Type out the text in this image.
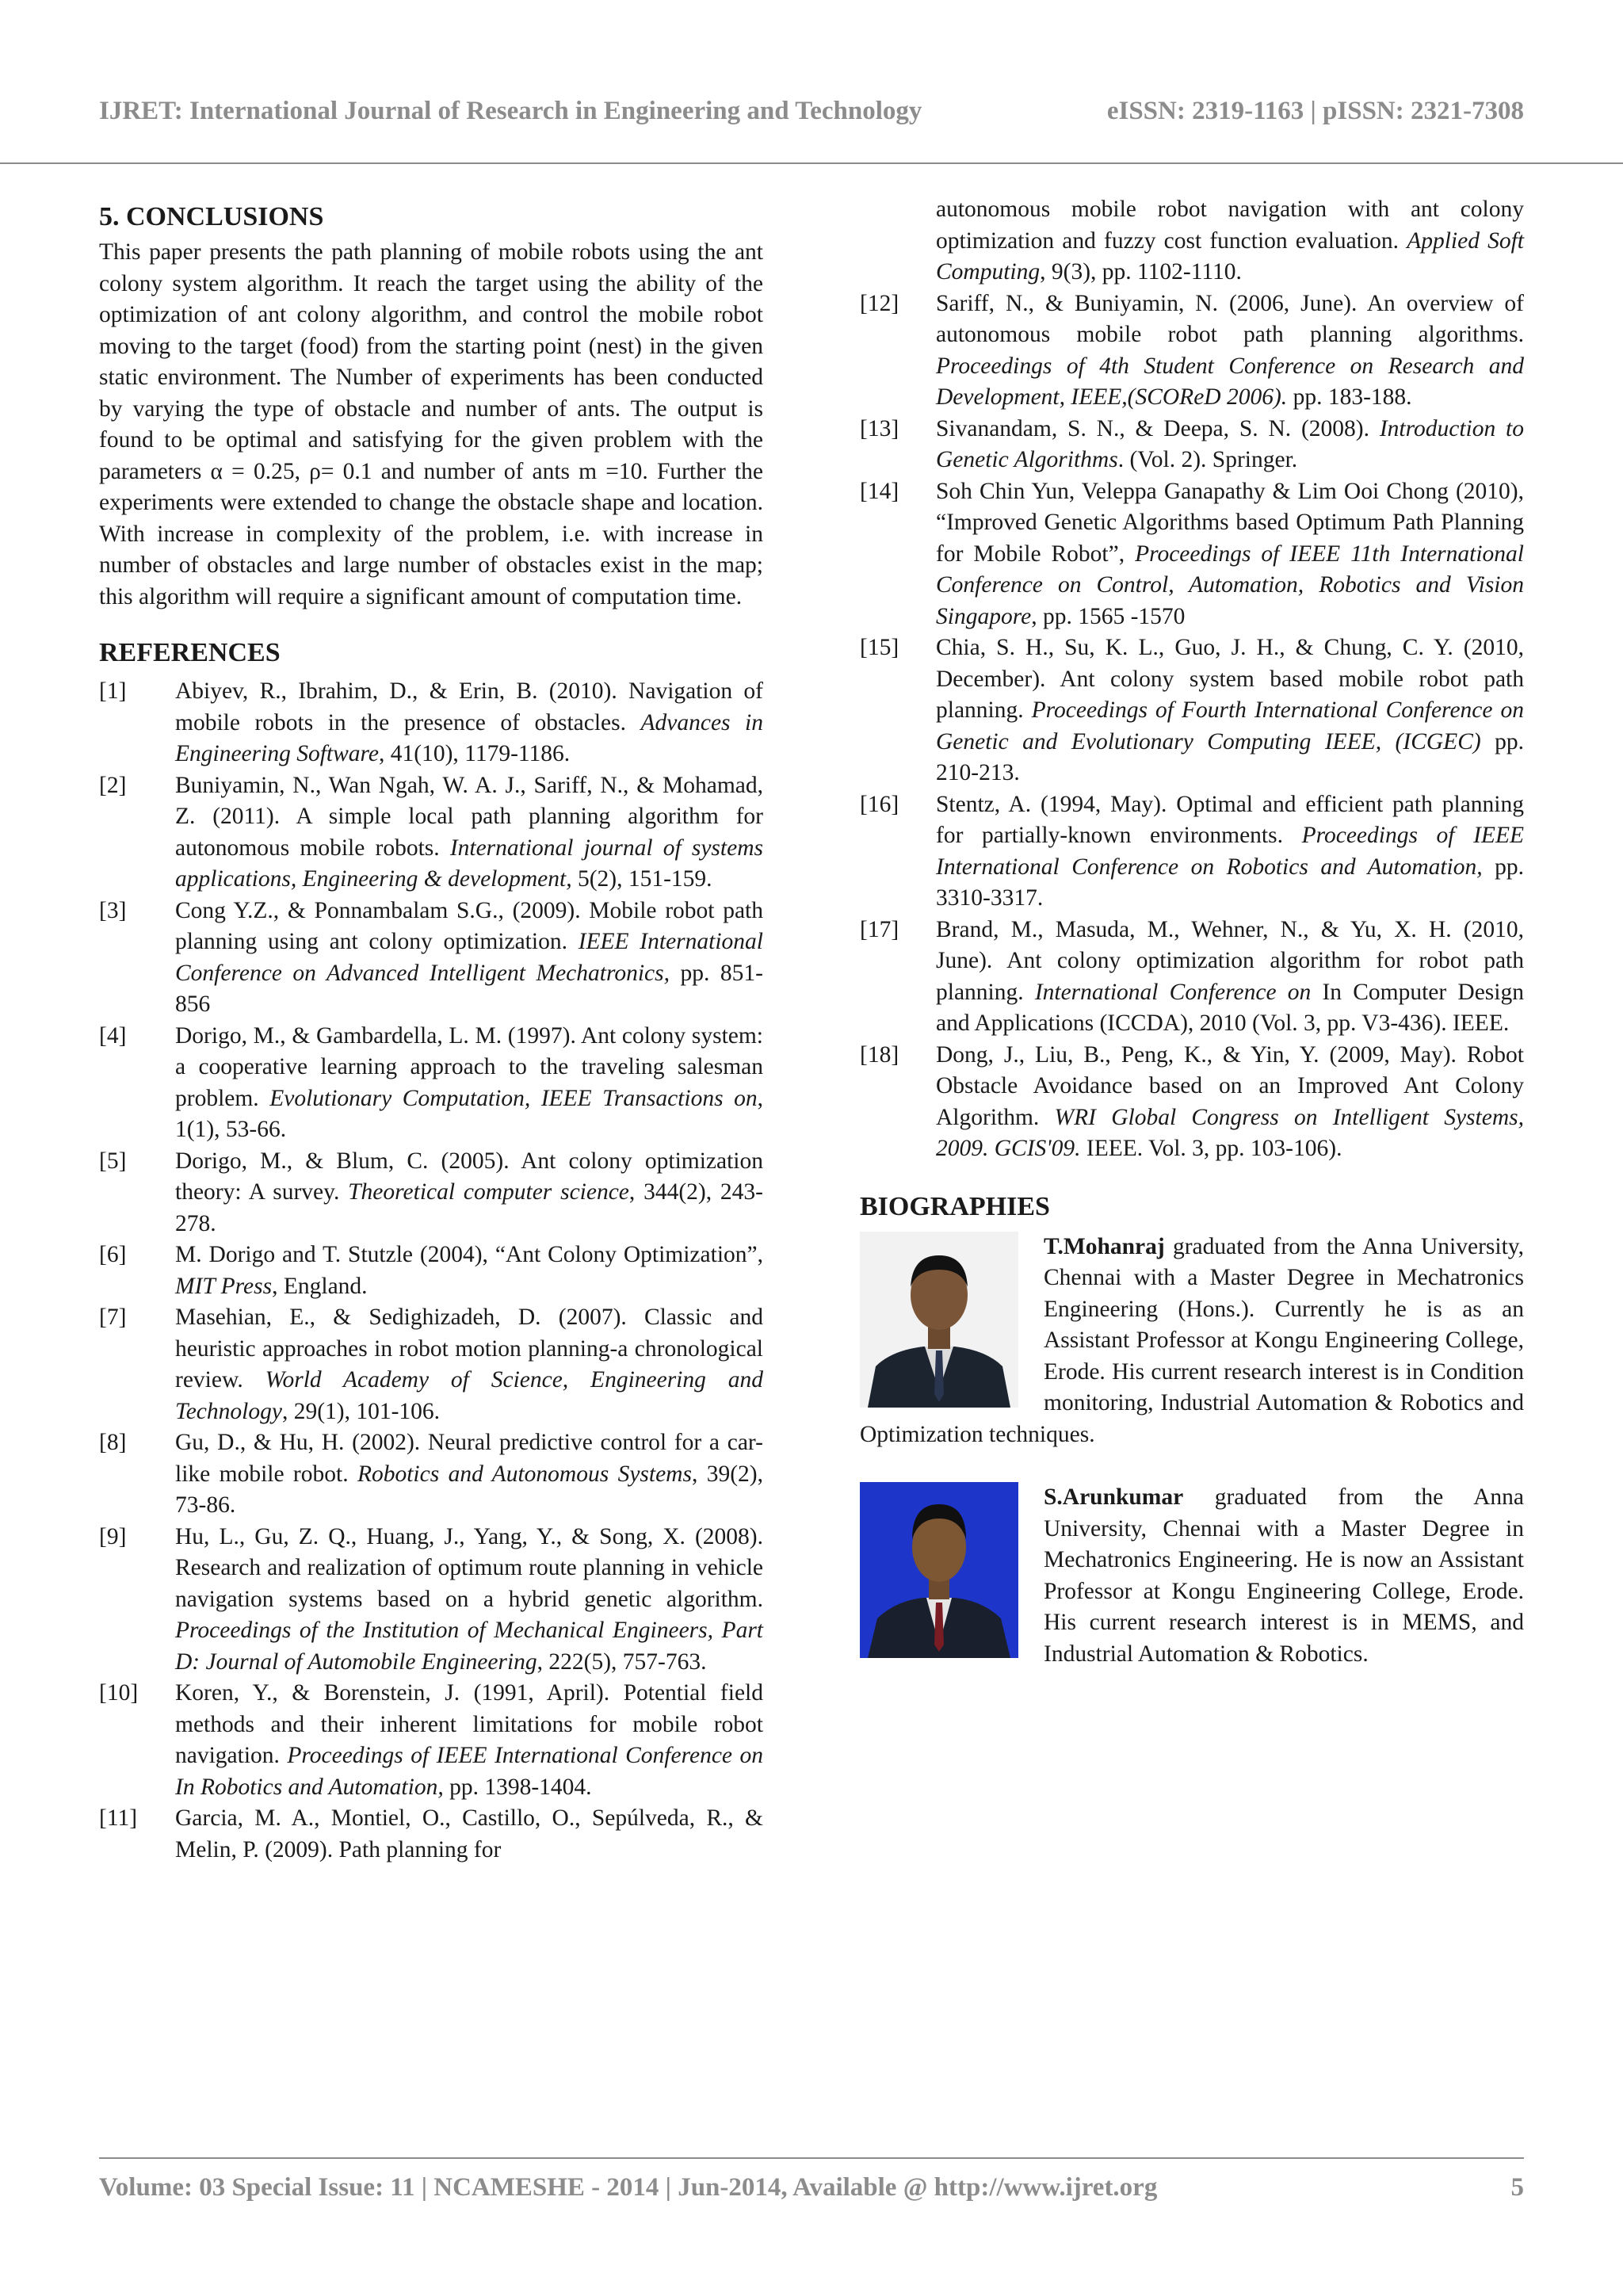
IJRET: International Journal of Research in Engineering and Technology	eISSN: 2319-1163 | pISSN: 2321-7308
5. CONCLUSIONS

This paper presents the path planning of mobile robots using the ant colony system algorithm. It reach the target using the ability of the optimization of ant colony algorithm, and control the mobile robot moving to the target (food) from the starting point (nest) in the given static environment. The Number of experiments has been conducted by varying the type of obstacle and number of ants. The output is found to be optimal and satisfying for the given problem with the parameters α = 0.25, ρ= 0.1 and number of ants m =10. Further the experiments were extended to change the obstacle shape and location. With increase in complexity of the problem, i.e. with increase in number of obstacles and large number of obstacles exist in the map; this algorithm will require a significant amount of computation time.

REFERENCES
[1]	Abiyev, R., Ibrahim, D., & Erin, B. (2010). Navigation of mobile robots in the presence of obstacles. Advances in Engineering Software, 41(10), 1179-1186.
[2]	Buniyamin, N., Wan Ngah, W. A. J., Sariff, N., & Mohamad, Z. (2011). A simple local path planning algorithm for autonomous mobile robots. International journal of systems applications, Engineering & development, 5(2), 151-159.
[3]	Cong Y.Z., & Ponnambalam S.G., (2009). Mobile robot path planning using ant colony optimization. IEEE International Conference on Advanced Intelligent Mechatronics, pp. 851-856
[4]	Dorigo, M., & Gambardella, L. M. (1997). Ant colony system: a cooperative learning approach to the traveling salesman problem. Evolutionary Computation, IEEE Transactions on, 1(1), 53-66.
[5]	Dorigo, M., & Blum, C. (2005). Ant colony optimization theory: A survey. Theoretical computer science, 344(2), 243-278.
[6]	M. Dorigo and T. Stutzle (2004), “Ant Colony Optimization”, MIT Press, England.
[7]	Masehian, E., & Sedighizadeh, D. (2007). Classic and heuristic approaches in robot motion planning-a chronological review. World Academy of Science, Engineering and Technology, 29(1), 101-106.
[8]	Gu, D., & Hu, H. (2002). Neural predictive control for a car-like mobile robot. Robotics and Autonomous Systems, 39(2), 73-86.
[9]	Hu, L., Gu, Z. Q., Huang, J., Yang, Y., & Song, X. (2008). Research and realization of optimum route planning in vehicle navigation systems based on a hybrid genetic algorithm. Proceedings of the Institution of Mechanical Engineers, Part D: Journal of Automobile Engineering, 222(5), 757-763.
[10]	Koren, Y., & Borenstein, J. (1991, April). Potential field methods and their inherent limitations for mobile robot navigation. Proceedings of IEEE International Conference on In Robotics and Automation, pp. 1398-1404.
[11]	Garcia, M. A., Montiel, O., Castillo, O., Sepúlveda, R., & Melin, P. (2009). Path planning for
autonomous mobile robot navigation with ant colony optimization and fuzzy cost function evaluation. Applied Soft Computing, 9(3), pp. 1102-1110.
[12]	Sariff, N., & Buniyamin, N. (2006, June). An overview of autonomous mobile robot path planning algorithms. Proceedings of 4th Student Conference on Research and Development, IEEE,(SCOReD 2006). pp. 183-188.
[13]	Sivanandam, S. N., & Deepa, S. N. (2008). Introduction to Genetic Algorithms. (Vol. 2). Springer.
[14]	Soh Chin Yun, Veleppa Ganapathy & Lim Ooi Chong (2010), “Improved Genetic Algorithms based Optimum Path Planning for Mobile Robot”, Proceedings of IEEE 11th International Conference on Control, Automation, Robotics and Vision Singapore, pp. 1565 -1570
[15]	Chia, S. H., Su, K. L., Guo, J. H., & Chung, C. Y. (2010, December). Ant colony system based mobile robot path planning. Proceedings of Fourth International Conference on Genetic and Evolutionary Computing IEEE, (ICGEC) pp. 210-213.
[16]	Stentz, A. (1994, May). Optimal and efficient path planning for partially-known environments. Proceedings of IEEE International Conference on Robotics and Automation, pp. 3310-3317.
[17]	Brand, M., Masuda, M., Wehner, N., & Yu, X. H. (2010, June). Ant colony optimization algorithm for robot path planning. International Conference on In Computer Design and Applications (ICCDA), 2010 (Vol. 3, pp. V3-436). IEEE.
[18]	Dong, J., Liu, B., Peng, K., & Yin, Y. (2009, May). Robot Obstacle Avoidance based on an Improved Ant Colony Algorithm. WRI Global Congress on Intelligent Systems, 2009. GCIS'09. IEEE. Vol. 3, pp. 103-106).
BIOGRAPHIES

T.Mohanraj graduated from the Anna University, Chennai with a Master Degree in Mechatronics Engineering (Hons.). Currently he is as an Assistant Professor at Kongu Engineering College, Erode. His current research interest is in Condition monitoring, Industrial Automation & Robotics and Optimization techniques.

S.Arunkumar graduated from the Anna University, Chennai with a Master Degree in Mechatronics Engineering. He is now an Assistant Professor at Kongu Engineering College, Erode. His current research interest is in MEMS, and Industrial Automation & Robotics.

Volume: 03 Special Issue: 11 | NCAMESHE - 2014 | Jun-2014, Available @ http://www.ijret.org	5
